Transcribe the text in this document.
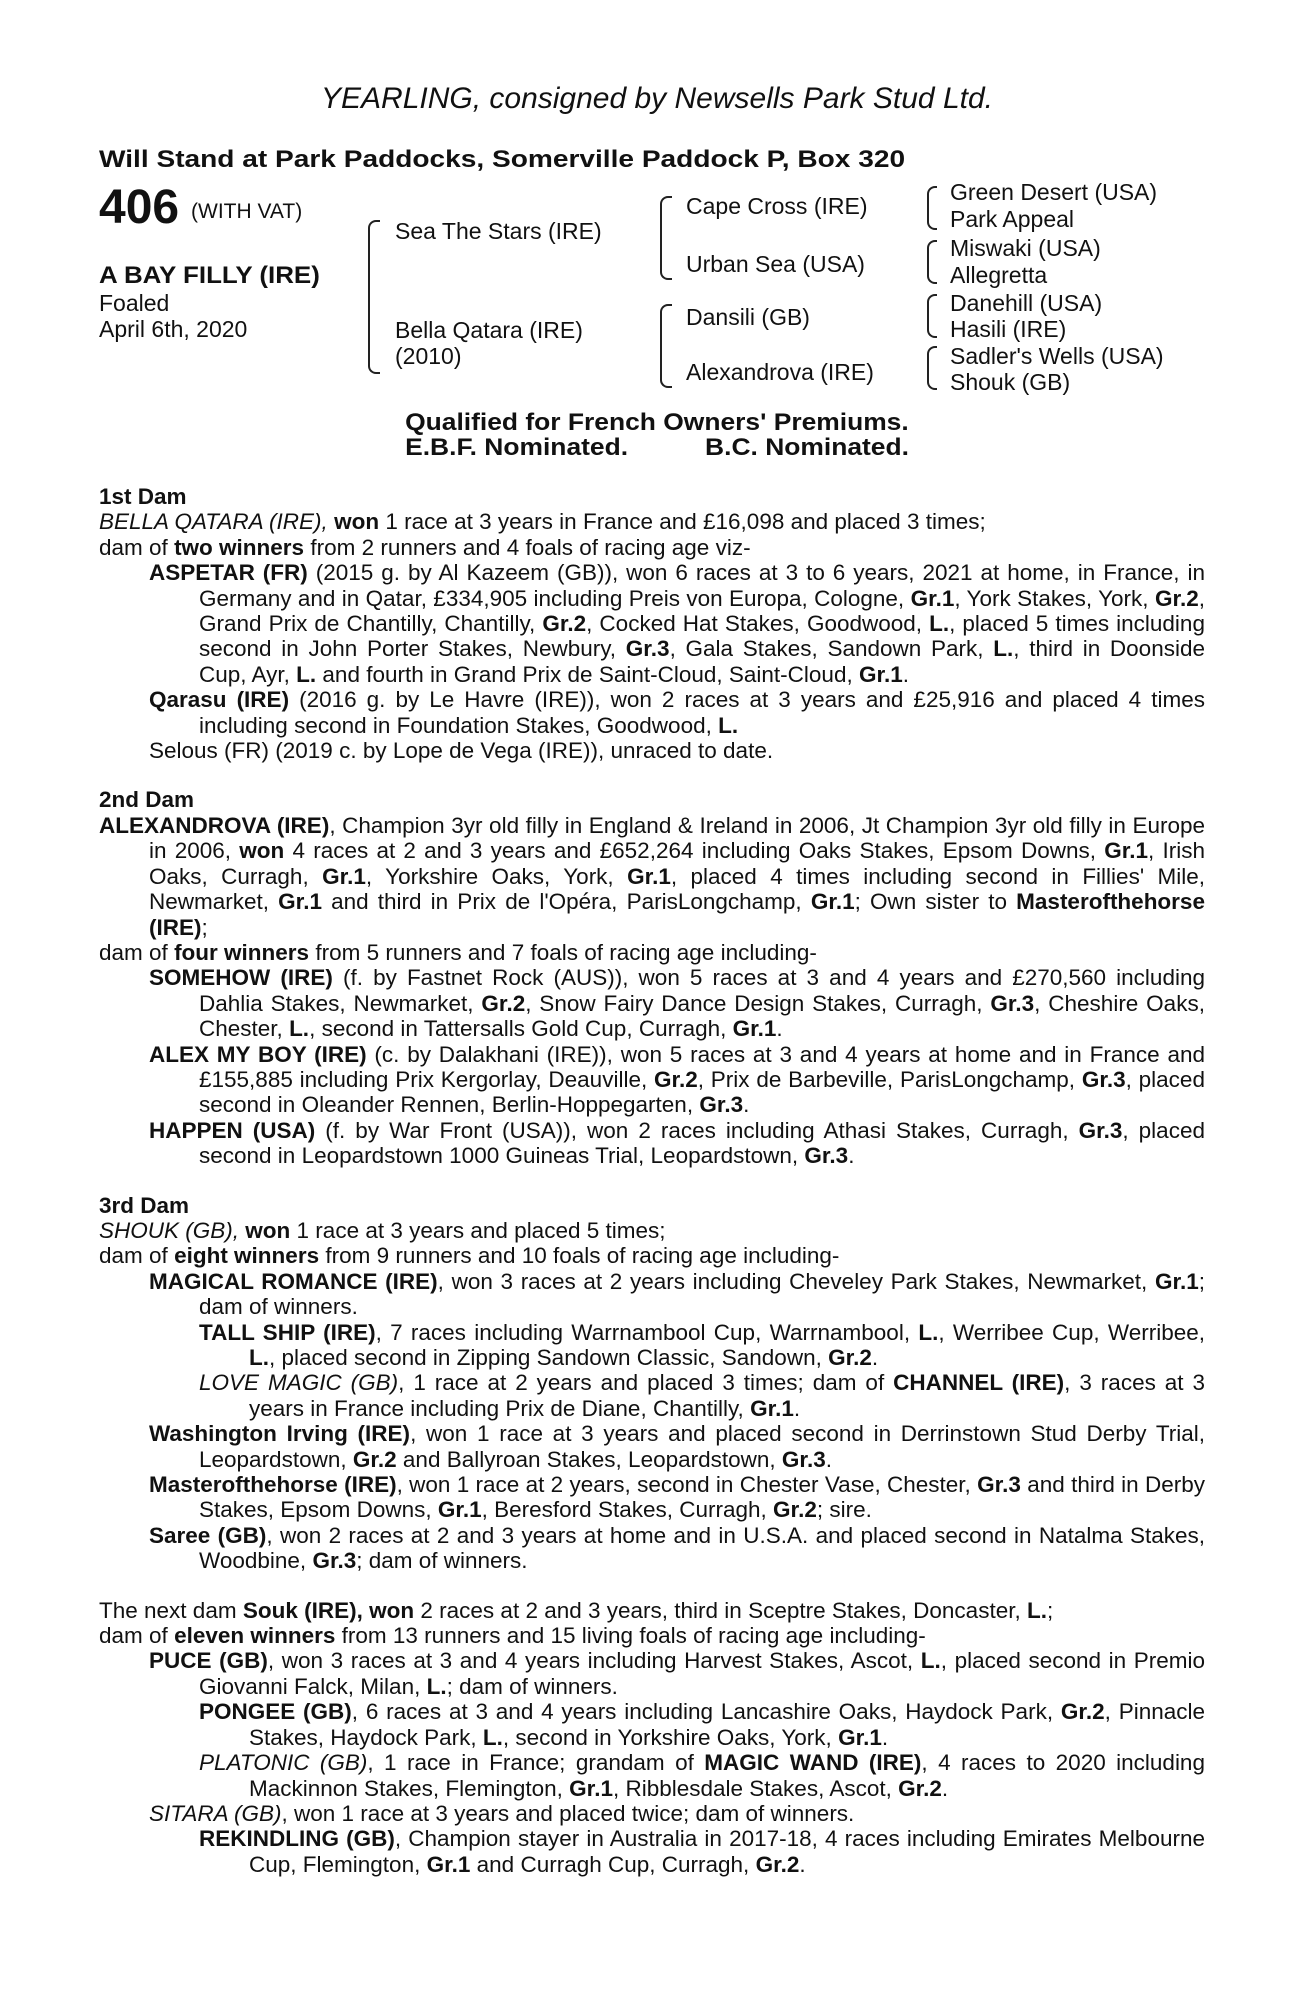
YEARLING, consigned by Newsells Park Stud Ltd.
Will Stand at Park Paddocks, Somerville Paddock P, Box 320
406 (WITH VAT)
A BAY FILLY (IRE)
Foaled
April 6th, 2020
Sea The Stars (IRE)
Bella Qatara (IRE)
(2010)
Cape Cross (IRE)
Urban Sea (USA)
Dansili (GB)
Alexandrova (IRE)
Green Desert (USA)
Park Appeal
Miswaki (USA)
Allegretta
Danehill (USA)
Hasili (IRE)
Sadler's Wells (USA)
Shouk (GB)
Qualified for French Owners' Premiums.
E.B.F. Nominated.	B.C. Nominated.
1st Dam

BELLA QATARA (IRE), won 1 race at 3 years in France and £16,098 and placed 3 times;

dam of two winners from 2 runners and 4 foals of racing age viz-

ASPETAR (FR) (2015 g. by Al Kazeem (GB)), won 6 races at 3 to 6 years, 2021 at home, in France, in Germany and in Qatar, £334,905 including Preis von Europa, Cologne, Gr.1, York Stakes, York, Gr.2, Grand Prix de Chantilly, Chantilly, Gr.2, Cocked Hat Stakes, Goodwood, L., placed 5 times including second in John Porter Stakes, Newbury, Gr.3, Gala Stakes, Sandown Park, L., third in Doonside Cup, Ayr, L. and fourth in Grand Prix de Saint-Cloud, Saint-Cloud, Gr.1.

Qarasu (IRE) (2016 g. by Le Havre (IRE)), won 2 races at 3 years and £25,916 and placed 4 times including second in Foundation Stakes, Goodwood, L.

Selous (FR) (2019 c. by Lope de Vega (IRE)), unraced to date.

2nd Dam

ALEXANDROVA (IRE), Champion 3yr old filly in England & Ireland in 2006, Jt Champion 3yr old filly in Europe in 2006, won 4 races at 2 and 3 years and £652,264 including Oaks Stakes, Epsom Downs, Gr.1, Irish Oaks, Curragh, Gr.1, Yorkshire Oaks, York, Gr.1, placed 4 times including second in Fillies' Mile, Newmarket, Gr.1 and third in Prix de l'Opéra, ParisLongchamp, Gr.1; Own sister to Masterofthehorse (IRE);

dam of four winners from 5 runners and 7 foals of racing age including-

SOMEHOW (IRE) (f. by Fastnet Rock (AUS)), won 5 races at 3 and 4 years and £270,560 including Dahlia Stakes, Newmarket, Gr.2, Snow Fairy Dance Design Stakes, Curragh, Gr.3, Cheshire Oaks, Chester, L., second in Tattersalls Gold Cup, Curragh, Gr.1.

ALEX MY BOY (IRE) (c. by Dalakhani (IRE)), won 5 races at 3 and 4 years at home and in France and £155,885 including Prix Kergorlay, Deauville, Gr.2, Prix de Barbeville, ParisLongchamp, Gr.3, placed second in Oleander Rennen, Berlin-Hoppegarten, Gr.3.

HAPPEN (USA) (f. by War Front (USA)), won 2 races including Athasi Stakes, Curragh, Gr.3, placed second in Leopardstown 1000 Guineas Trial, Leopardstown, Gr.3.

3rd Dam

SHOUK (GB), won 1 race at 3 years and placed 5 times;

dam of eight winners from 9 runners and 10 foals of racing age including-

MAGICAL ROMANCE (IRE), won 3 races at 2 years including Cheveley Park Stakes, Newmarket, Gr.1; dam of winners.

TALL SHIP (IRE), 7 races including Warrnambool Cup, Warrnambool, L., Werribee Cup, Werribee, L., placed second in Zipping Sandown Classic, Sandown, Gr.2.

LOVE MAGIC (GB), 1 race at 2 years and placed 3 times; dam of CHANNEL (IRE), 3 races at 3 years in France including Prix de Diane, Chantilly, Gr.1.

Washington Irving (IRE), won 1 race at 3 years and placed second in Derrinstown Stud Derby Trial, Leopardstown, Gr.2 and Ballyroan Stakes, Leopardstown, Gr.3.

Masterofthehorse (IRE), won 1 race at 2 years, second in Chester Vase, Chester, Gr.3 and third in Derby Stakes, Epsom Downs, Gr.1, Beresford Stakes, Curragh, Gr.2; sire.

Saree (GB), won 2 races at 2 and 3 years at home and in U.S.A. and placed second in Natalma Stakes, Woodbine, Gr.3; dam of winners.

The next dam Souk (IRE), won 2 races at 2 and 3 years, third in Sceptre Stakes, Doncaster, L.;

dam of eleven winners from 13 runners and 15 living foals of racing age including-

PUCE (GB), won 3 races at 3 and 4 years including Harvest Stakes, Ascot, L., placed second in Premio Giovanni Falck, Milan, L.; dam of winners.

PONGEE (GB), 6 races at 3 and 4 years including Lancashire Oaks, Haydock Park, Gr.2, Pinnacle Stakes, Haydock Park, L., second in Yorkshire Oaks, York, Gr.1.

PLATONIC (GB), 1 race in France; grandam of MAGIC WAND (IRE), 4 races to 2020 including Mackinnon Stakes, Flemington, Gr.1, Ribblesdale Stakes, Ascot, Gr.2.

SITARA (GB), won 1 race at 3 years and placed twice; dam of winners.

REKINDLING (GB), Champion stayer in Australia in 2017-18, 4 races including Emirates Melbourne Cup, Flemington, Gr.1 and Curragh Cup, Curragh, Gr.2.
